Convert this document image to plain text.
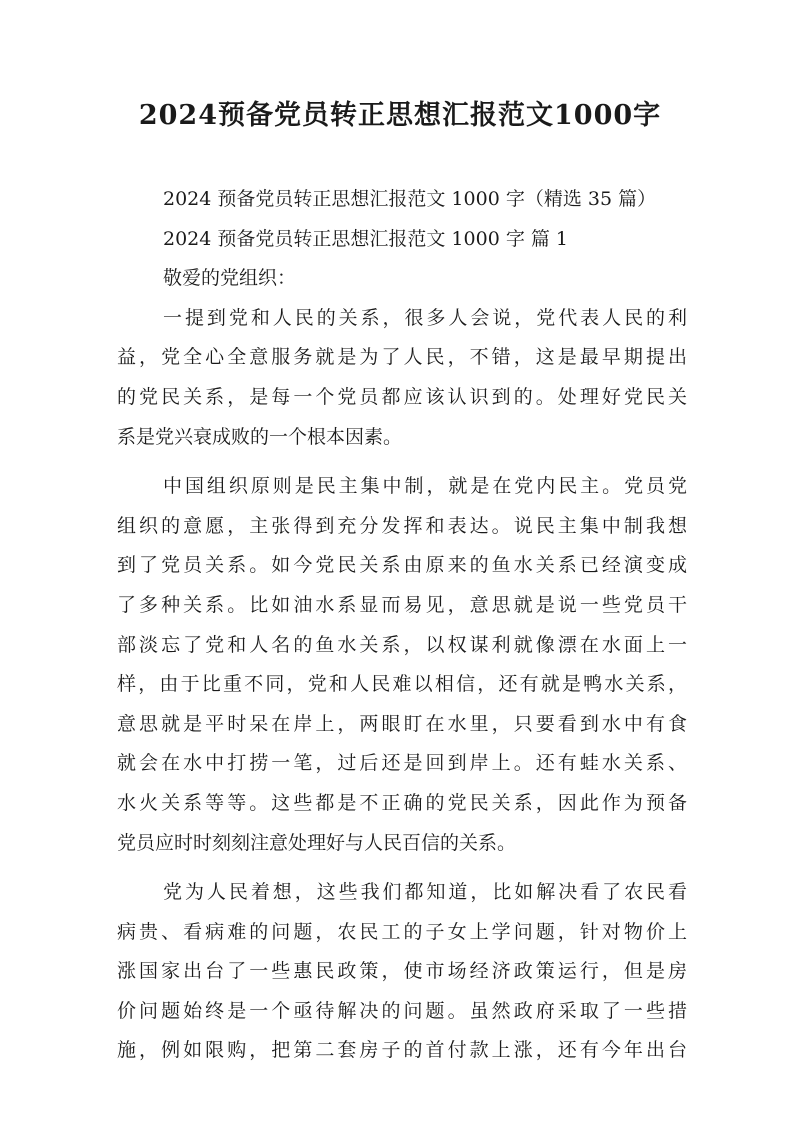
2024预备党员转正思想汇报范文1000字
2024 预备党员转正思想汇报范文 1000 字（精选 35 篇）
2024 预备党员转正思想汇报范文 1000 字 篇 1
敬爱的党组织：
一提到党和人民的关系，很多人会说，党代表人民的利
益，党全心全意服务就是为了人民，不错，这是最早期提出
的党民关系，是每一个党员都应该认识到的。处理好党民关
系是党兴衰成败的一个根本因素。
中国组织原则是民主集中制，就是在党内民主。党员党
组织的意愿，主张得到充分发挥和表达。说民主集中制我想
到了党员关系。如今党民关系由原来的鱼水关系已经演变成
了多种关系。比如油水系显而易见，意思就是说一些党员干
部淡忘了党和人名的鱼水关系，以权谋利就像漂在水面上一
样，由于比重不同，党和人民难以相信，还有就是鸭水关系，
意思就是平时呆在岸上，两眼盯在水里，只要看到水中有食
就会在水中打捞一笔，过后还是回到岸上。还有蛙水关系、
水火关系等等。这些都是不正确的党民关系，因此作为预备
党员应时时刻刻注意处理好与人民百信的关系。
党为人民着想，这些我们都知道，比如解决看了农民看
病贵、看病难的问题，农民工的子女上学问题，针对物价上
涨国家出台了一些惠民政策，使市场经济政策运行，但是房
价问题始终是一个亟待解决的问题。虽然政府采取了一些措
施，例如限购，把第二套房子的首付款上涨，还有今年出台
